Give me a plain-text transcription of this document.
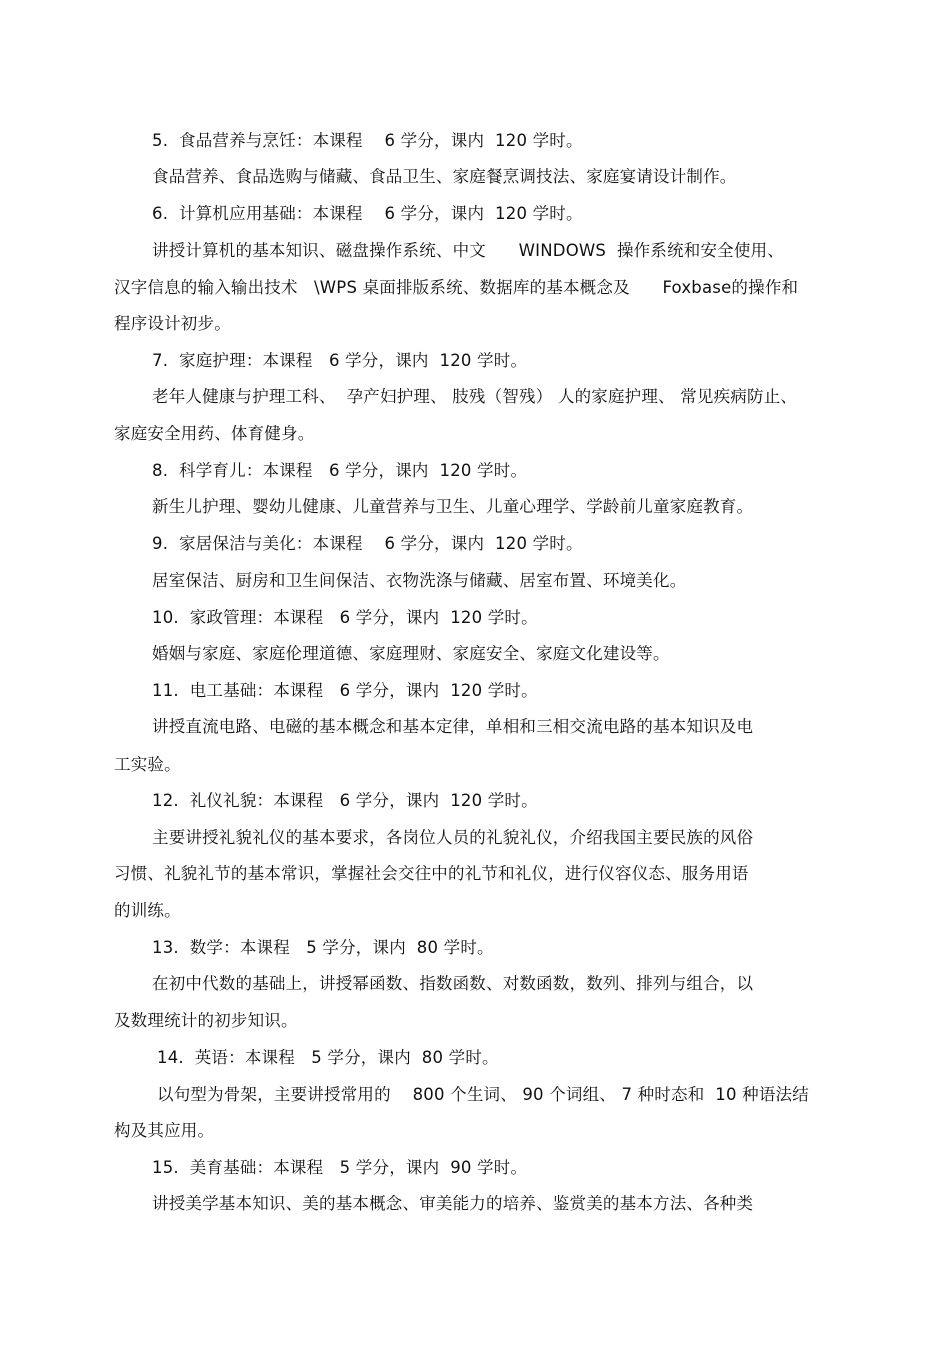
5.  食品营养与烹饪：本课程    6 学分，课内  120 学时。
食品营养、食品选购与储藏、食品卫生、家庭餐烹调技法、家庭宴请设计制作。
6.  计算机应用基础：本课程    6 学分，课内  120 学时。
讲授计算机的基本知识、磁盘操作系统、中文      WINDOWS  操作系统和安全使用、
汉字信息的输入输出技术   \WPS 桌面排版系统、数据库的基本概念及      Foxbase的操作和
程序设计初步。
7.  家庭护理：本课程   6 学分，课内  120 学时。
老年人健康与护理工科、  孕产妇护理、 肢残（智残） 人的家庭护理、 常见疾病防止、
家庭安全用药、体育健身。
8.  科学育儿：本课程   6 学分，课内  120 学时。
新生儿护理、婴幼儿健康、儿童营养与卫生、儿童心理学、学龄前儿童家庭教育。
9.  家居保洁与美化：本课程    6 学分，课内  120 学时。
居室保洁、厨房和卫生间保洁、衣物洗涤与储藏、居室布置、环境美化。
10.  家政管理：本课程   6 学分，课内  120 学时。
婚姻与家庭、家庭伦理道德、家庭理财、家庭安全、家庭文化建设等。
11.  电工基础：本课程   6 学分，课内  120 学时。
讲授直流电路、电磁的基本概念和基本定律，单相和三相交流电路的基本知识及电
工实验。
12.  礼仪礼貌：本课程   6 学分，课内  120 学时。
主要讲授礼貌礼仪的基本要求，各岗位人员的礼貌礼仪，介绍我国主要民族的风俗
习惯、礼貌礼节的基本常识，掌握社会交往中的礼节和礼仪，进行仪容仪态、服务用语
的训练。
13.  数学：本课程   5 学分，课内  80 学时。
在初中代数的基础上，讲授幂函数、指数函数、对数函数，数列、排列与组合，以
及数理统计的初步知识。
14.  英语：本课程   5 学分，课内  80 学时。
以句型为骨架，主要讲授常用的    800 个生词、 90 个词组、 7 种时态和  10 种语法结
构及其应用。
15.  美育基础：本课程   5 学分，课内  90 学时。
讲授美学基本知识、美的基本概念、审美能力的培养、鉴赏美的基本方法、各种类
